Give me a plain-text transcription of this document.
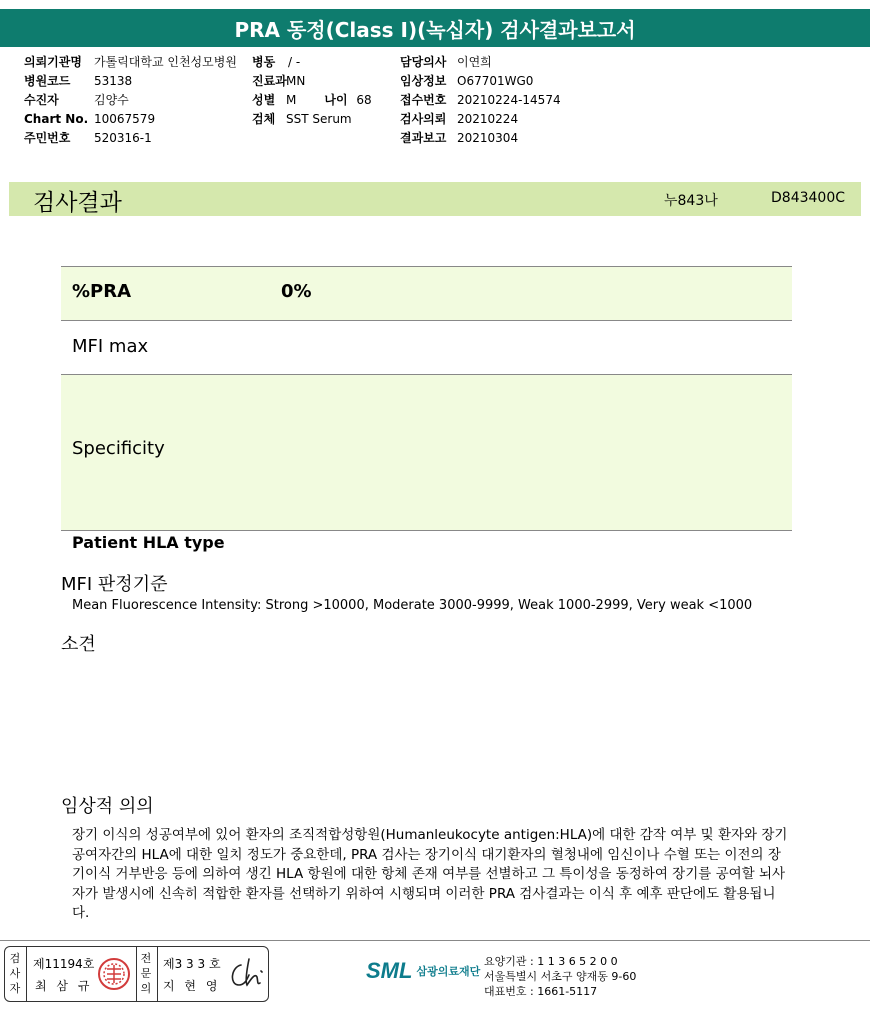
PRA 동정(Class I)(녹십자) 검사결과보고서
의뢰기관명	가톨릭대학교 인천성모병원
병원코드	53138
수진자	김양수
Chart No. 10067579
주민번호	520316-1
병동	/ -
진료과 MN
성별 M 나이 68
검체 SST Serum
담당의사 이연희
임상정보 O67701WG0
접수번호 20210224-14574
검사의뢰 20210224
결과보고 20210304
검사결과	누843나	D843400C
%PRA	0%
MFI max
Specificity
Patient HLA type
MFI 판정기준
Mean Fluorescence Intensity: Strong >10000, Moderate 3000-9999, Weak 1000-2999, Very weak <1000
소견
임상적 의의
장기 이식의 성공여부에 있어 환자의 조직적합성항원(Humanleukocyte antigen:HLA)에 대한 감작 여부 및 환자와 장기공여자간의 HLA에 대한 일치 정도가 중요한데, PRA 검사는 장기이식 대기환자의 혈청내에 임신이나 수혈 또는 이전의 장기이식 거부반응 등에 의하여 생긴 HLA 항원에 대한 항체 존재 여부를 선별하고 그 특이성을 동정하여 장기를 공여할 뇌사자가 발생시에 신속히 적합한 환자를 선택하기 위하여 시행되며 이러한 PRA 검사결과는 이식 후 예후 판단에도 활용됩니다.
검사자
제11194호
최 삼 규
전문의
제3 3 3 호
지 현 영
SML 삼광의료재단
요양기관 : 1 1 3 6 5 2 0 0
서울특별시 서초구 양재동 9-60
대표번호 : 1661-5117
